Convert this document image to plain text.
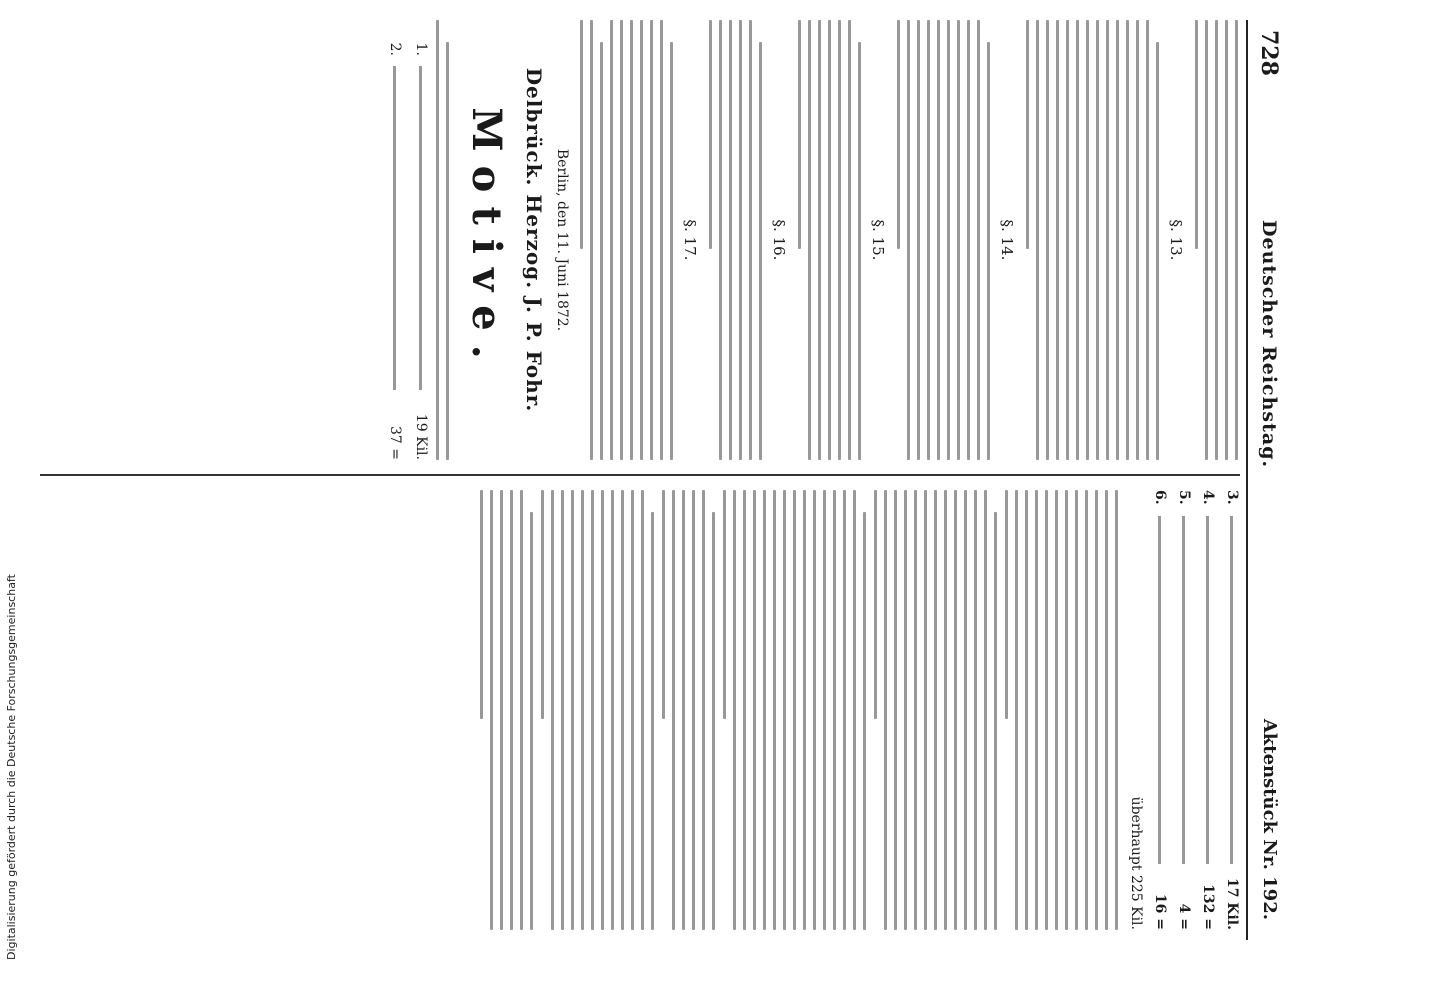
728
Deutscher Reichstag.
Aktenstück Nr. 192.
§. 13.
§. 14.
§. 15.
§. 16.
§. 17.
Berlin, den 11. Juni 1872.
Delbrück. Herzog. J. P. Fohr.
Motive.
1.
19 Kil.
2.
37 =
3.
17 Kil.
4.
132 =
5.
4 =
6.
16 =
überhaupt 225 Kil.
Digitalisierung gefördert durch die Deutsche Forschungsgemeinschaft
